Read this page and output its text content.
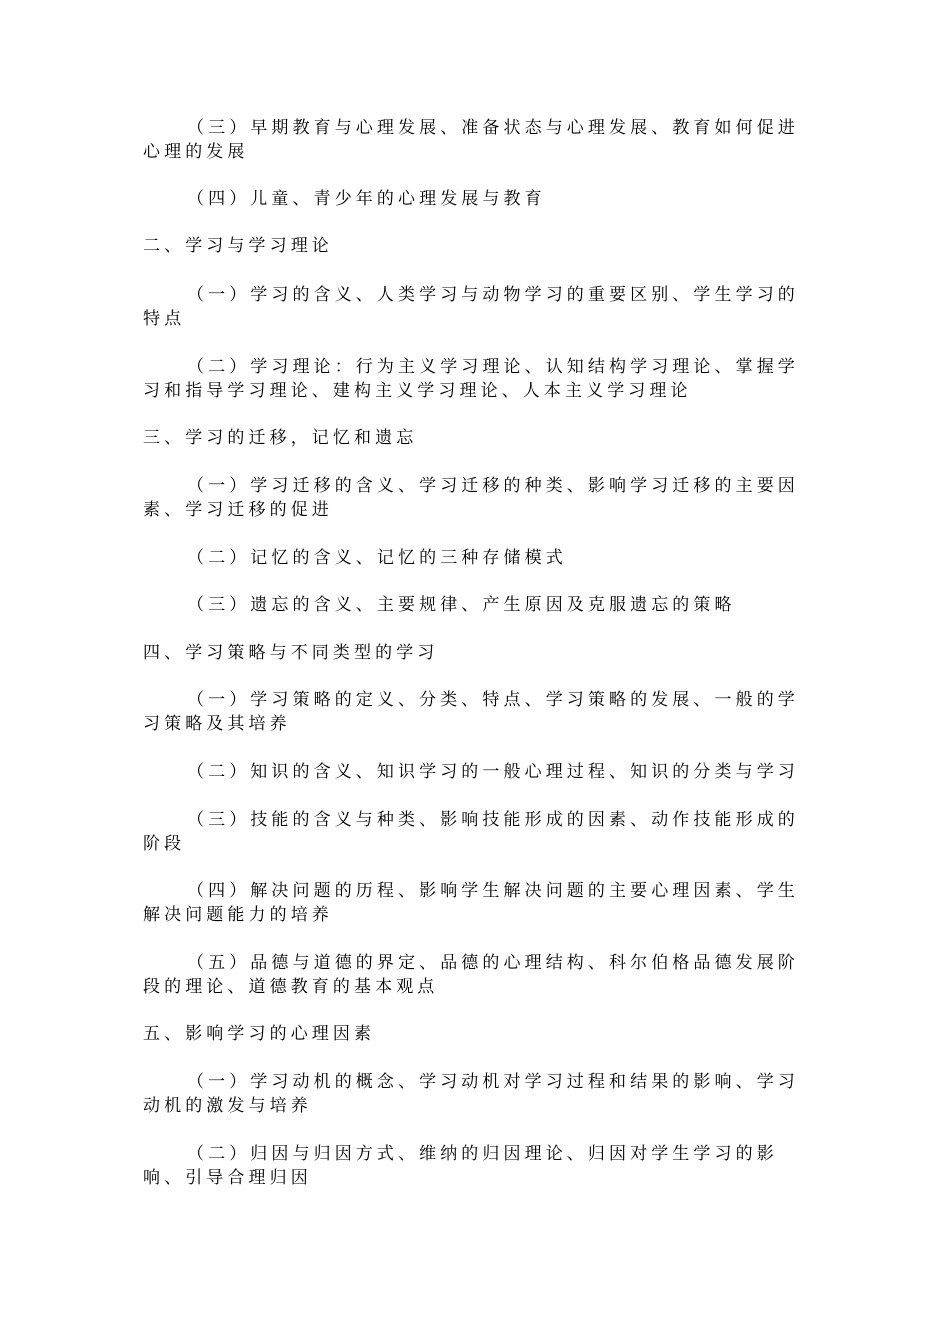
（三）早期教育与心理发展、准备状态与心理发展、教育如何促进心理的发展

（四）儿童、青少年的心理发展与教育

二、学习与学习理论

（一）学习的含义、人类学习与动物学习的重要区别、学生学习的特点

（二）学习理论：行为主义学习理论、认知结构学习理论、掌握学习和指导学习理论、建构主义学习理论、人本主义学习理论

三、学习的迁移，记忆和遗忘

（一）学习迁移的含义、学习迁移的种类、影响学习迁移的主要因素、学习迁移的促进

（二）记忆的含义、记忆的三种存储模式

（三）遗忘的含义、主要规律、产生原因及克服遗忘的策略

四、学习策略与不同类型的学习

（一）学习策略的定义、分类、特点、学习策略的发展、一般的学习策略及其培养

（二）知识的含义、知识学习的一般心理过程、知识的分类与学习

（三）技能的含义与种类、影响技能形成的因素、动作技能形成的阶段

（四）解决问题的历程、影响学生解决问题的主要心理因素、学生解决问题能力的培养

（五）品德与道德的界定、品德的心理结构、科尔伯格品德发展阶段的理论、道德教育的基本观点

五、影响学习的心理因素

（一）学习动机的概念、学习动机对学习过程和结果的影响、学习动机的激发与培养

（二）归因与归因方式、维纳的归因理论、归因对学生学习的影响、引导合理归因
